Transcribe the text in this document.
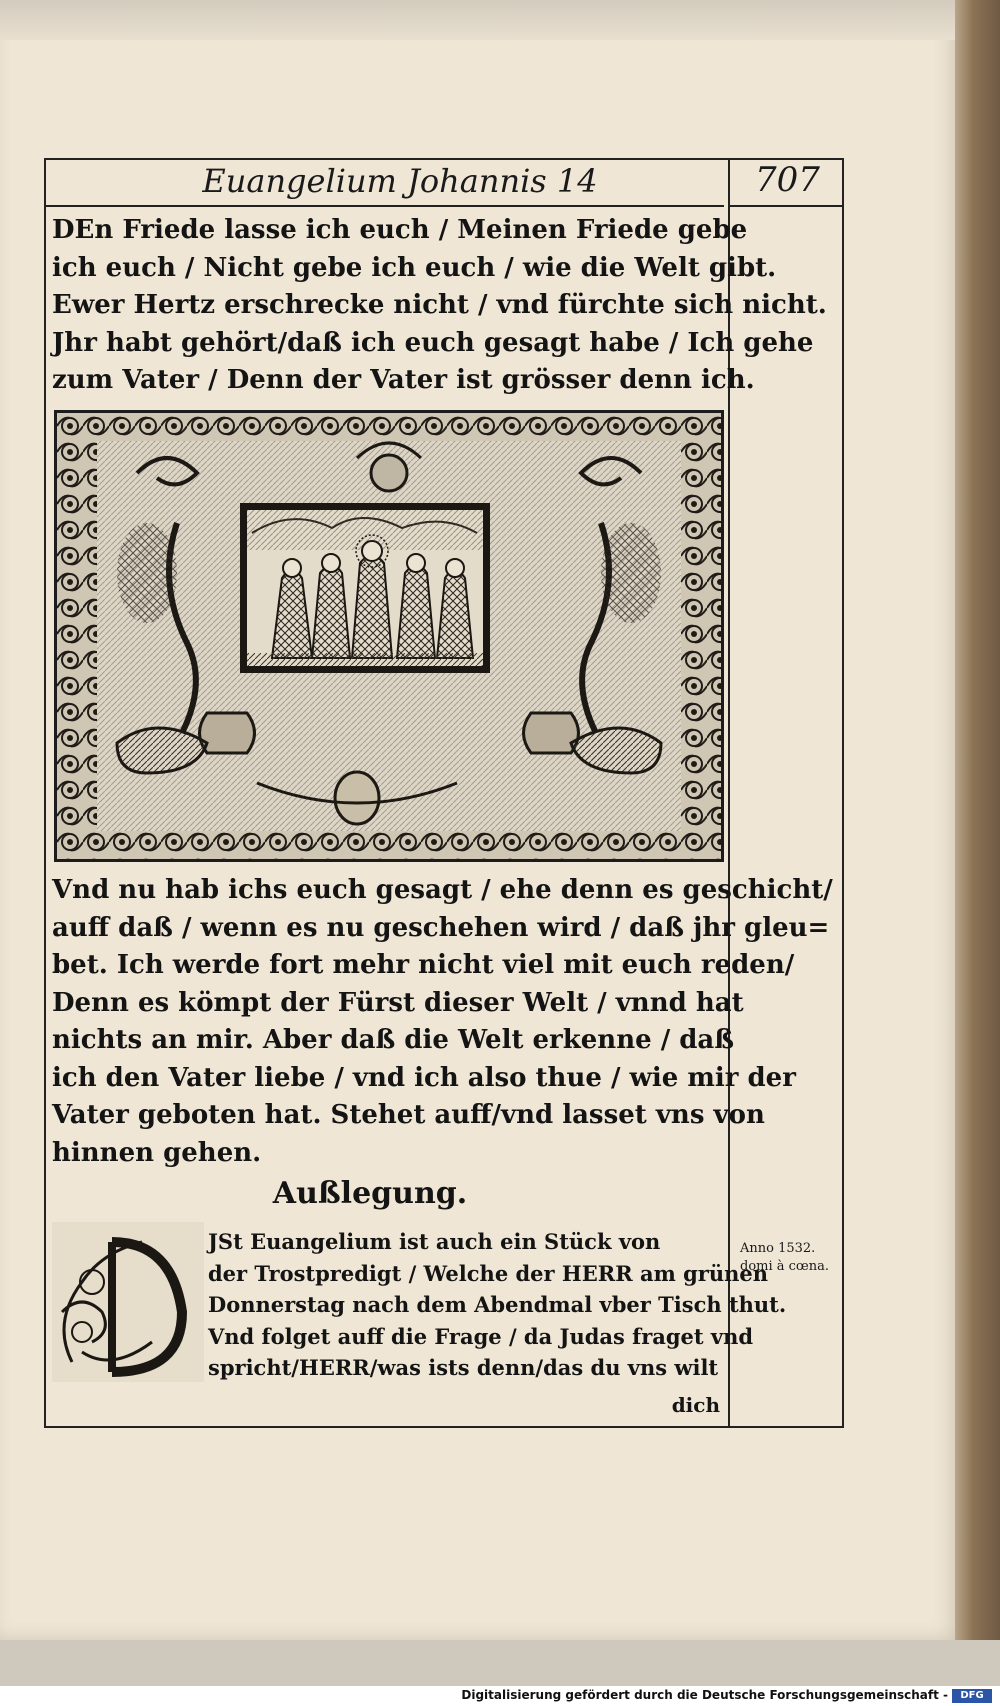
Euangelium Johannis 14	707
DEn Friede lasse ich euch / Meinen Friede gebe
ich euch / Nicht gebe ich euch / wie die Welt gibt.
Ewer Hertz erschrecke nicht / vnd fürchte sich nicht.
Jhr habt gehört/daß ich euch gesagt habe / Ich gehe
zum Vater / Denn der Vater ist grösser denn ich.
Vnd nu hab ichs euch gesagt / ehe denn es geschicht/
auff daß / wenn es nu geschehen wird / daß jhr gleu=
bet. Ich werde fort mehr nicht viel mit euch reden/
Denn es kömpt der Fürst dieser Welt / vnnd hat
nichts an mir. Aber daß die Welt erkenne / daß
ich den Vater liebe / vnd ich also thue / wie mir der
Vater geboten hat. Stehet auff/vnd lasset vns von
hinnen gehen.
Außlegung.
JSt Euangelium ist auch ein Stück von
der Trostpredigt / Welche der HERR am grünen
Donnerstag nach dem Abendmal vber Tisch thut.
Vnd folget auff die Frage / da Judas fraget vnd
spricht/HERR/was ists denn/das du vns wilt
dich
Anno 1532.
domi à cœna.
Digitalisierung gefördert durch die Deutsche Forschungsgemeinschaft -	DFG
